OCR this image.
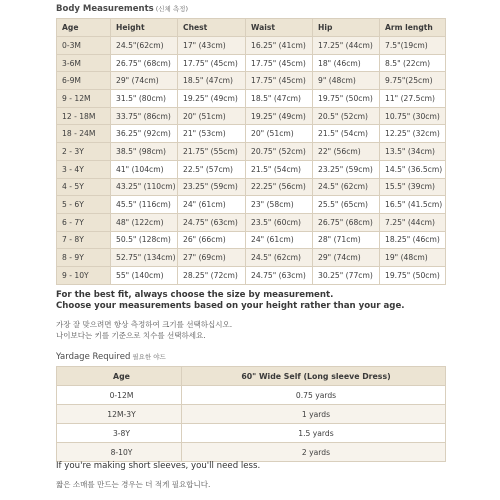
Body Measurements (신체 측정)
Age	Height	Chest	Waist	Hip	Arm length
0-3M	24.5"(62cm)	17" (43cm)	16.25" (41cm)	17.25" (44cm)	7.5"(19cm)
3-6M	26.75" (68cm)	17.75" (45cm)	17.75" (45cm)	18" (46cm)	8.5" (22cm)
6-9M	29" (74cm)	18.5" (47cm)	17.75" (45cm)	9" (48cm)	9.75"(25cm)
9 - 12M	31.5" (80cm)	19.25" (49cm)	18.5" (47cm)	19.75" (50cm)	11" (27.5cm)
12 - 18M	33.75" (86cm)	20" (51cm)	19.25" (49cm)	20.5" (52cm)	10.75" (30cm)
18 - 24M	36.25" (92cm)	21" (53cm)	20" (51cm)	21.5" (54cm)	12.25" (32cm)
2 - 3Y	38.5" (98cm)	21.75" (55cm)	20.75" (52cm)	22" (56cm)	13.5" (34cm)
3 - 4Y	41" (104cm)	22.5" (57cm)	21.5" (54cm)	23.25" (59cm)	14.5" (36.5cm)
4 - 5Y	43.25" (110cm)	23.25" (59cm)	22.25" (56cm)	24.5" (62cm)	15.5" (39cm)
5 - 6Y	45.5" (116cm)	24" (61cm)	23" (58cm)	25.5" (65cm)	16.5" (41.5cm)
6 - 7Y	48" (122cm)	24.75" (63cm)	23.5" (60cm)	26.75" (68cm)	7.25" (44cm)
7 - 8Y	50.5" (128cm)	26" (66cm)	24" (61cm)	28" (71cm)	18.25" (46cm)
8 - 9Y	52.75" (134cm)	27" (69cm)	24.5" (62cm)	29" (74cm)	19" (48cm)
9 - 10Y	55" (140cm)	28.25" (72cm)	24.75" (63cm)	30.25" (77cm)	19.75" (50cm)
For the best fit, always choose the size by measurement.
Choose your measurements based on your height rather than your age.
가장 잘 맞으려면 항상 측정하여 크기를 선택하십시오.
나이보다는 키를 기준으로 치수를 선택하세요.
Yardage Required 필요한 야드
Age	60" Wide Self (Long sleeve Dress)
0-12M	0.75 yards
12M-3Y	1 yards
3-8Y	1.5 yards
8-10Y	2 yards
If you're making short sleeves, you'll need less.
짧은 소매를 만드는 경우는 더 적게 필요합니다.
